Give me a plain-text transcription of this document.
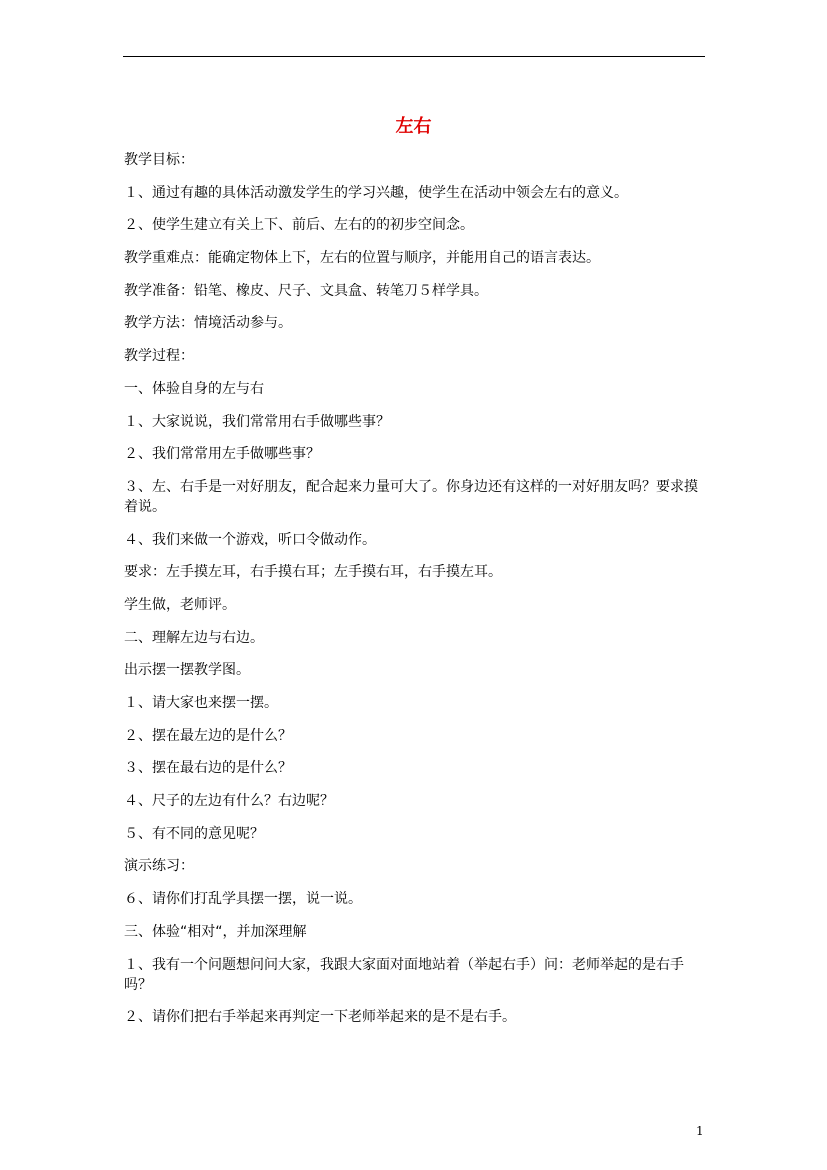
左右

教学目标：

１、通过有趣的具体活动激发学生的学习兴趣，使学生在活动中领会左右的意义。

２、使学生建立有关上下、前后、左右的的初步空间念。

教学重难点：能确定物体上下，左右的位置与顺序，并能用自己的语言表达。

教学准备：铅笔、橡皮、尺子、文具盒、转笔刀５样学具。

教学方法：情境活动参与。

教学过程：

一、体验自身的左与右

１、大家说说，我们常常用右手做哪些事？

２、我们常常用左手做哪些事？

３、左、右手是一对好朋友，配合起来力量可大了。你身边还有这样的一对好朋友吗？要求摸着说。

４、我们来做一个游戏，听口令做动作。

要求：左手摸左耳，右手摸右耳；左手摸右耳，右手摸左耳。

学生做，老师评。

二、理解左边与右边。

出示摆一摆教学图。

１、请大家也来摆一摆。

２、摆在最左边的是什么？

３、摆在最右边的是什么？

４、尺子的左边有什么？右边呢？

５、有不同的意见呢？

演示练习：

６、请你们打乱学具摆一摆，说一说。

三、体验“相对“，并加深理解

１、我有一个问题想问问大家，我跟大家面对面地站着（举起右手）问：老师举起的是右手吗？

２、请你们把右手举起来再判定一下老师举起来的是不是右手。

1
